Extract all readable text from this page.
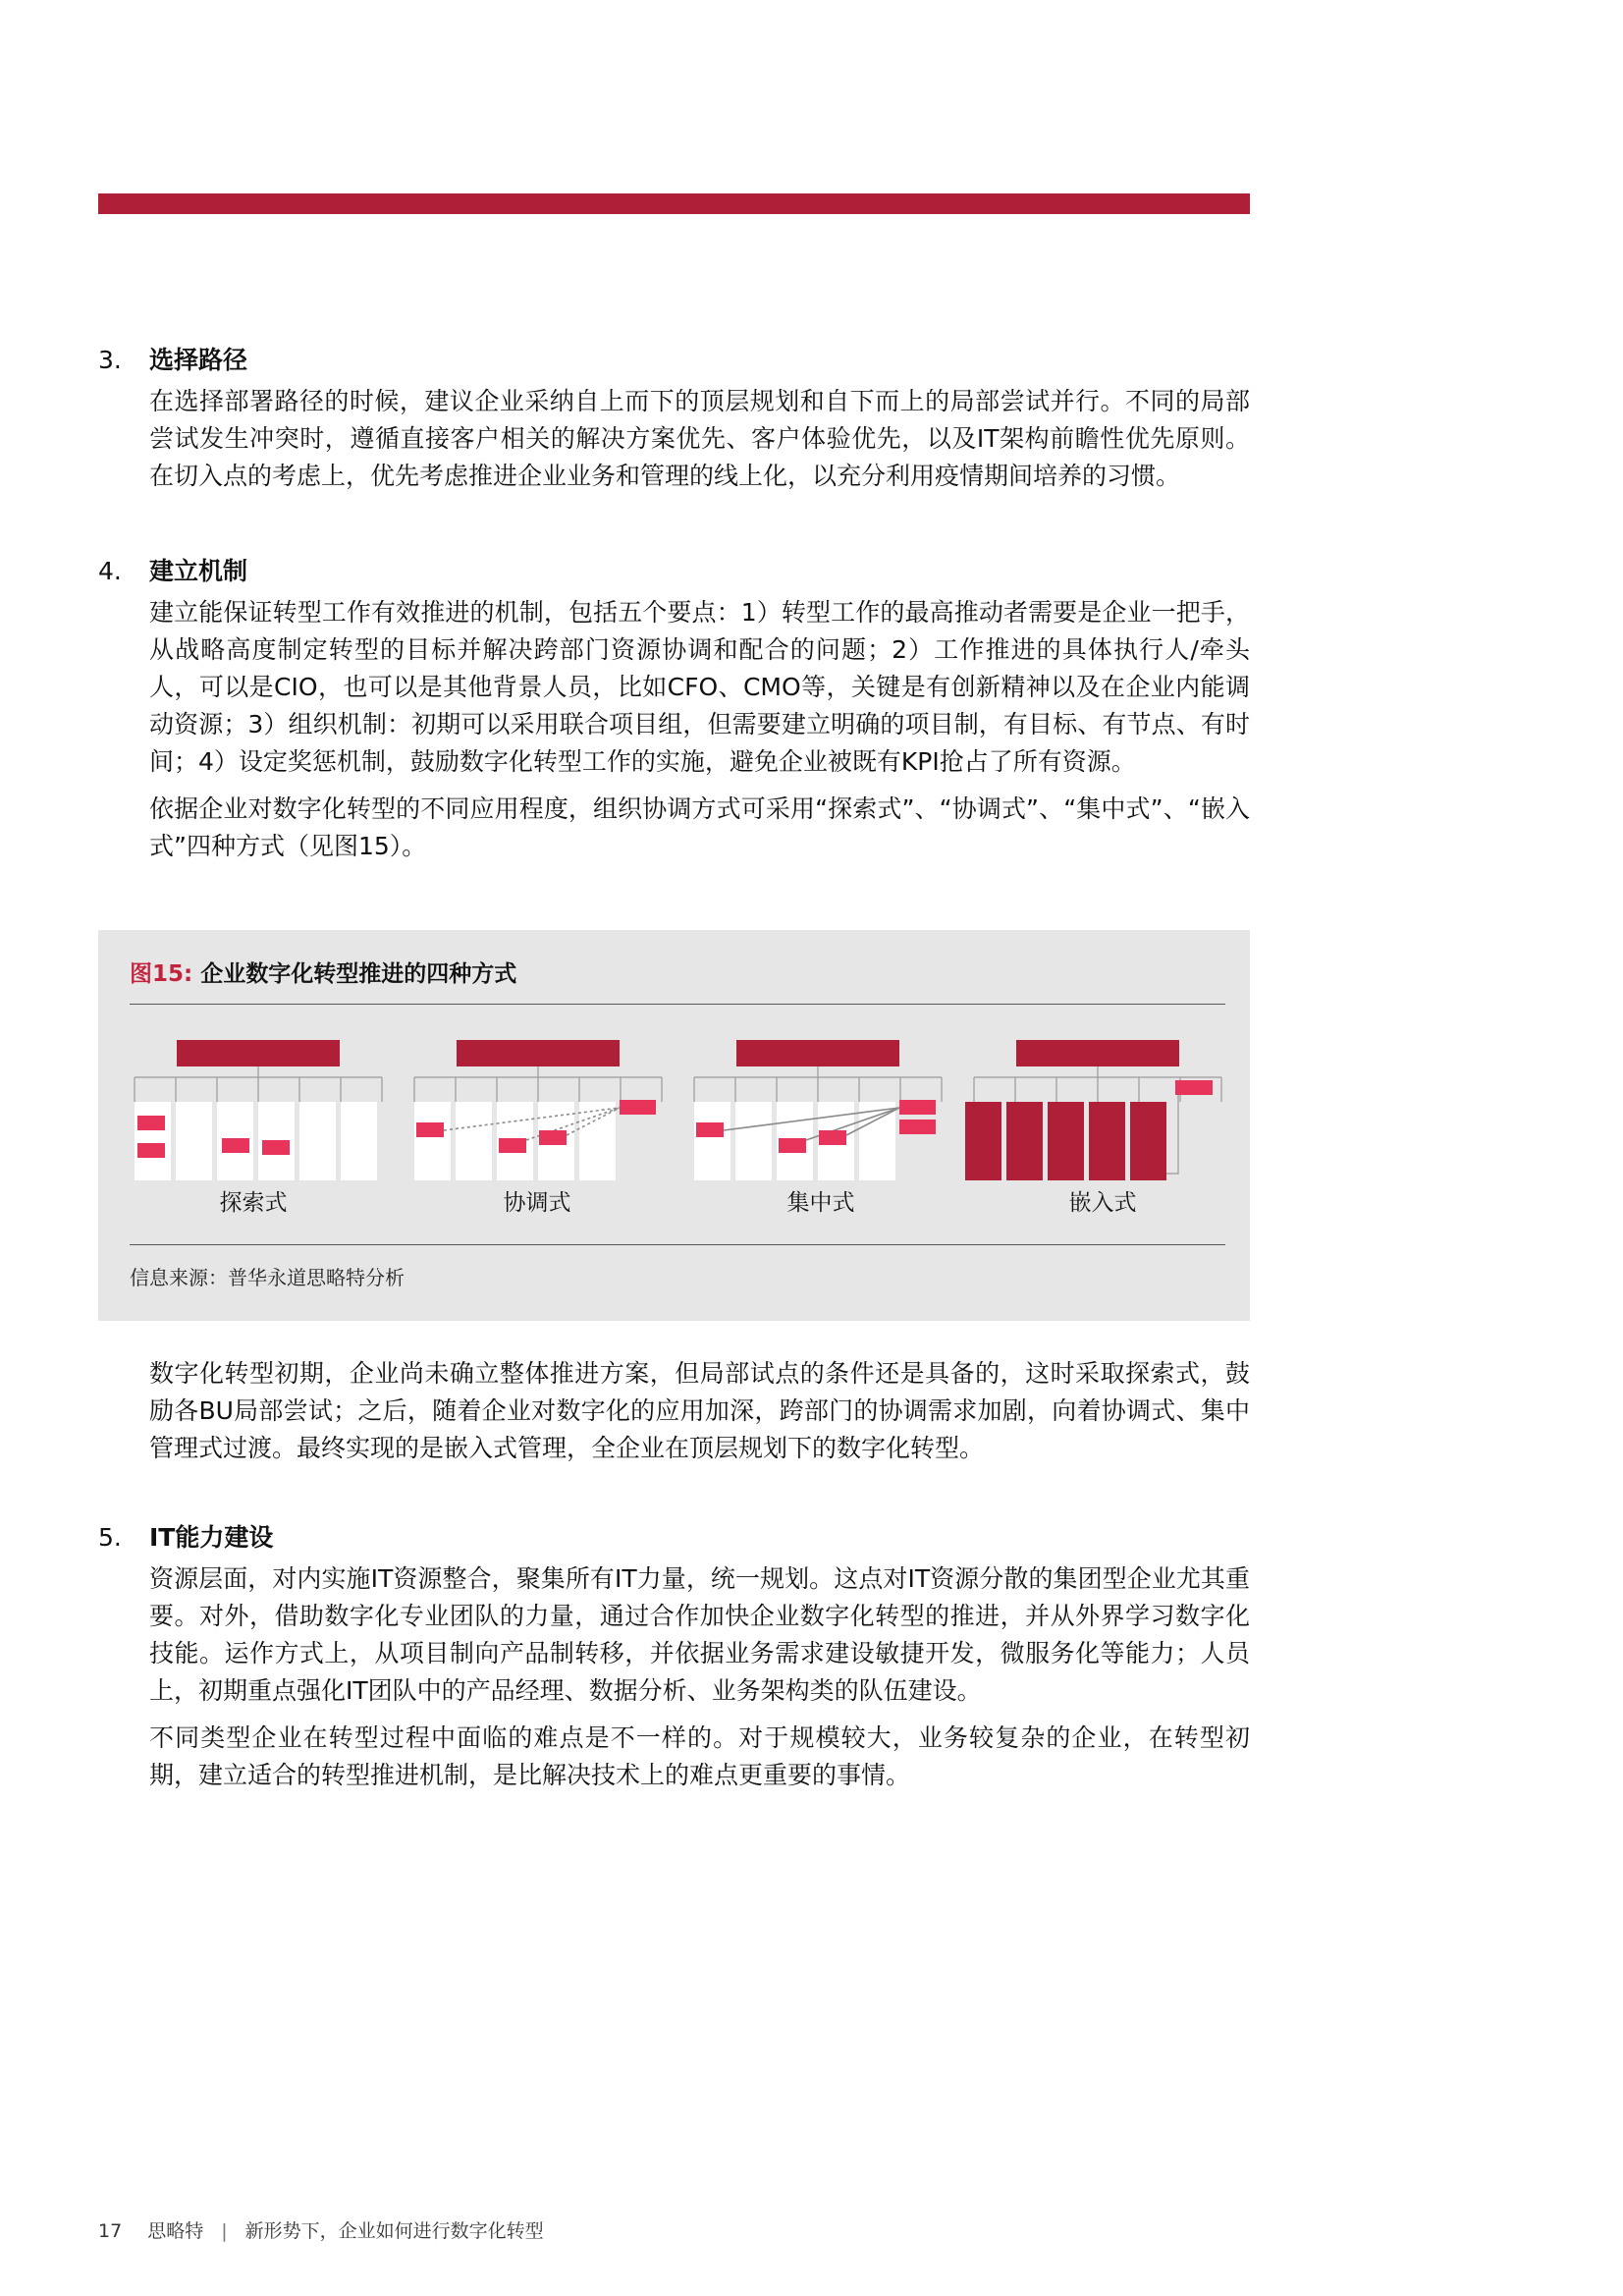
3.	选择路径

在选择部署路径的时候，建议企业采纳自上而下的顶层规划和自下而上的局部尝试并行。不同的局部尝试发生冲突时，遵循直接客户相关的解决方案优先、客户体验优先，以及IT架构前瞻性优先原则。在切入点的考虑上，优先考虑推进企业业务和管理的线上化，以充分利用疫情期间培养的习惯。

4.	建立机制

建立能保证转型工作有效推进的机制，包括五个要点：1）转型工作的最高推动者需要是企业一把手，从战略高度制定转型的目标并解决跨部门资源协调和配合的问题；2）工作推进的具体执行人/牵头人，可以是CIO，也可以是其他背景人员，比如CFO、CMO等，关键是有创新精神以及在企业内能调动资源；3）组织机制：初期可以采用联合项目组，但需要建立明确的项目制，有目标、有节点、有时间；4）设定奖惩机制，鼓励数字化转型工作的实施，避免企业被既有KPI抢占了所有资源。

依据企业对数字化转型的不同应用程度，组织协调方式可采用“探索式”、“协调式”、“集中式”、“嵌入式”四种方式（见图15）。

图15: 企业数字化转型推进的四种方式
探索式	协调式	集中式	嵌入式
信息来源：普华永道思略特分析

数字化转型初期，企业尚未确立整体推进方案，但局部试点的条件还是具备的，这时采取探索式，鼓励各BU局部尝试；之后，随着企业对数字化的应用加深，跨部门的协调需求加剧，向着协调式、集中管理式过渡。最终实现的是嵌入式管理，全企业在顶层规划下的数字化转型。

5.	IT能力建设

资源层面，对内实施IT资源整合，聚集所有IT力量，统一规划。这点对IT资源分散的集团型企业尤其重要。对外，借助数字化专业团队的力量，通过合作加快企业数字化转型的推进，并从外界学习数字化技能。运作方式上，从项目制向产品制转移，并依据业务需求建设敏捷开发，微服务化等能力；人员上，初期重点强化IT团队中的产品经理、数据分析、业务架构类的队伍建设。

不同类型企业在转型过程中面临的难点是不一样的。对于规模较大，业务较复杂的企业，在转型初期，建立适合的转型推进机制，是比解决技术上的难点更重要的事情。

17 思略特 | 新形势下，企业如何进行数字化转型
